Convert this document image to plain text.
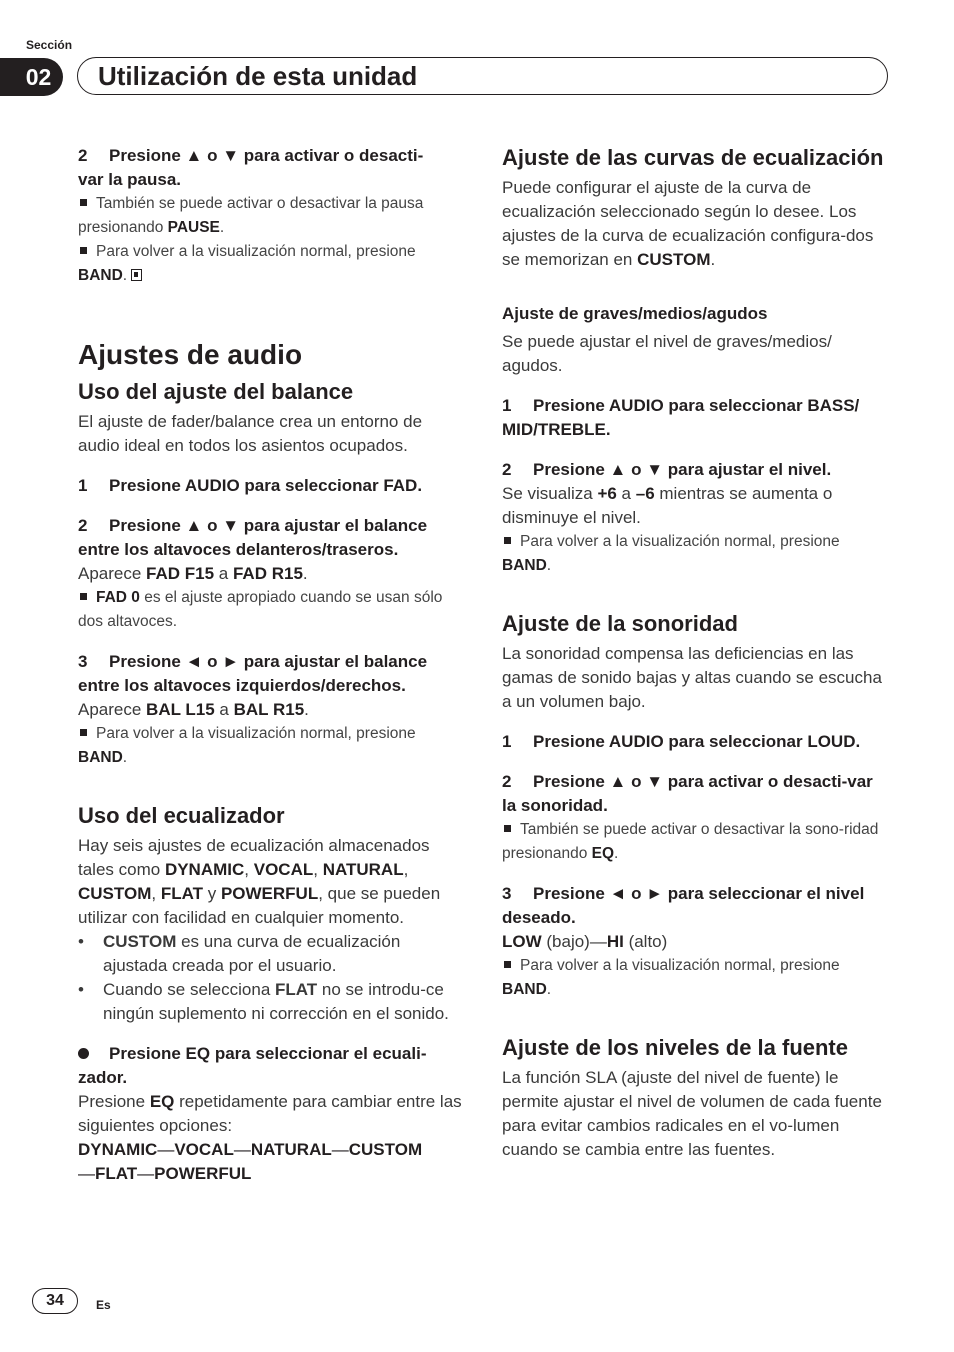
Sección
02	Utilización de esta unidad

2 Presione ▲ o ▼ para activar o desacti-
var la pausa.

También se puede activar o desactivar la pausa presionando PAUSE.

Para volver a la visualización normal, presione BAND.

Ajustes de audio
Uso del ajuste del balance

El ajuste de fader/balance crea un entorno de audio ideal en todos los asientos ocupados.

1 Presione AUDIO para seleccionar FAD.

2 Presione ▲ o ▼ para ajustar el balance entre los altavoces delanteros/traseros.

Aparece FAD F15 a FAD R15.

FAD 0 es el ajuste apropiado cuando se usan sólo dos altavoces.

3 Presione ◄ o ► para ajustar el balance entre los altavoces izquierdos/derechos.

Aparece BAL L15 a BAL R15.

Para volver a la visualización normal, presione BAND.

Uso del ecualizador

Hay seis ajustes de ecualización almacenados tales como DYNAMIC, VOCAL, NATURAL, CUSTOM, FLAT y POWERFUL, que se pueden utilizar con facilidad en cualquier momento.

•	CUSTOM es una curva de ecualización ajustada creada por el usuario.
•	Cuando se selecciona FLAT no se introdu-ce ningún suplemento ni corrección en el sonido.

Presione EQ para seleccionar el ecuali-zador.

Presione EQ repetidamente para cambiar entre las siguientes opciones:

DYNAMIC—VOCAL—NATURAL—CUSTOM
—FLAT—POWERFUL

Ajuste de las curvas de ecualización

Puede configurar el ajuste de la curva de ecualización seleccionado según lo desee. Los ajustes de la curva de ecualización configura-dos se memorizan en CUSTOM.

Ajuste de graves/medios/agudos

Se puede ajustar el nivel de graves/medios/ agudos.

1 Presione AUDIO para seleccionar BASS/ MID/TREBLE.

2 Presione ▲ o ▼ para ajustar el nivel.

Se visualiza +6 a –6 mientras se aumenta o disminuye el nivel.

Para volver a la visualización normal, presione BAND.

Ajuste de la sonoridad

La sonoridad compensa las deficiencias en las gamas de sonido bajas y altas cuando se escucha a un volumen bajo.

1 Presione AUDIO para seleccionar LOUD.

2 Presione ▲ o ▼ para activar o desacti-var la sonoridad.

También se puede activar o desactivar la sono-ridad presionando EQ.

3 Presione ◄ o ► para seleccionar el nivel deseado.

LOW (bajo)—HI (alto)

Para volver a la visualización normal, presione BAND.

Ajuste de los niveles de la fuente

La función SLA (ajuste del nivel de fuente) le permite ajustar el nivel de volumen de cada fuente para evitar cambios radicales en el vo-lumen cuando se cambia entre las fuentes.

34	Es
